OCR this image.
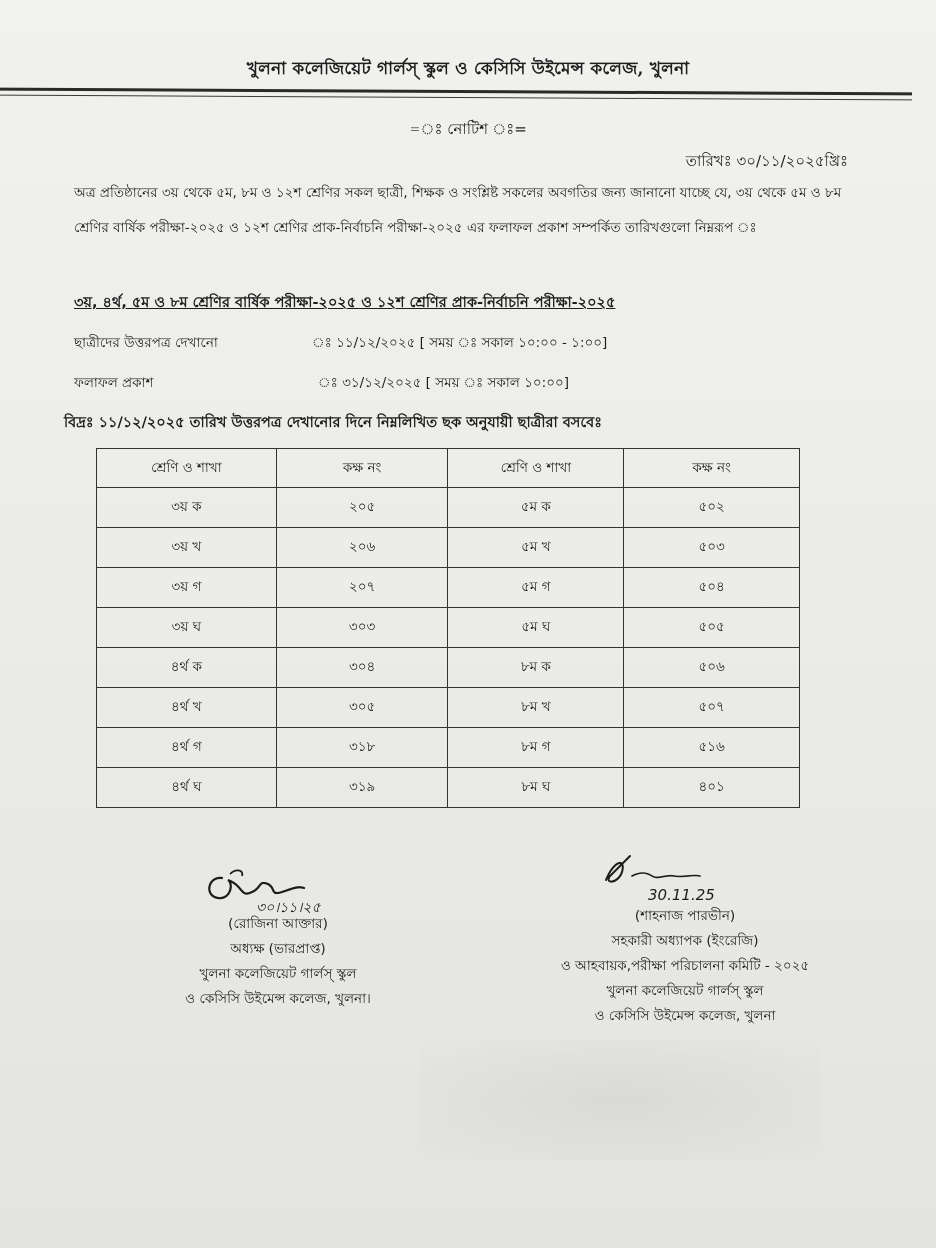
খুলনা কলেজিয়েট গার্লস্ স্কুল ও কেসিসি উইমেন্স কলেজ, খুলনা
=ঃ নোটিশ ঃ=
তারিখঃ ৩০/১১/২০২৫খ্রিঃ
অত্র প্রতিষ্ঠানের ৩য় থেকে ৫ম, ৮ম ও ১২শ শ্রেণির সকল ছাত্রী, শিক্ষক ও সংশ্লিষ্ট সকলের অবগতির জন্য জানানো যাচ্ছে যে, ৩য় থেকে ৫ম ও ৮ম শ্রেণির বার্ষিক পরীক্ষা-২০২৫ ও ১২শ শ্রেণির প্রাক-নির্বাচনি পরীক্ষা-২০২৫ এর ফলাফল প্রকাশ সম্পর্কিত তারিখগুলো নিম্নরূপ ঃ
৩য়, ৪র্থ, ৫ম ও ৮ম শ্রেণির বার্ষিক পরীক্ষা-২০২৫ ও ১২শ শ্রেণির প্রাক-নির্বাচনি পরীক্ষা-২০২৫
ছাত্রীদের উত্তরপত্র দেখানো	ঃ ১১/১২/২০২৫ [ সময় ঃ সকাল ১০:০০ - ১:০০]
ফলাফল প্রকাশ	ঃ ৩১/১২/২০২৫ [ সময় ঃ সকাল ১০:০০]
বিদ্রঃ ১১/১২/২০২৫ তারিখ উত্তরপত্র দেখানোর দিনে নিম্নলিখিত ছক অনুযায়ী ছাত্রীরা বসবেঃ
শ্রেণি ও শাখা	কক্ষ নং	শ্রেণি ও শাখা	কক্ষ নং
৩য় ক	২০৫	৫ম ক	৫০২
৩য় খ	২০৬	৫ম খ	৫০৩
৩য় গ	২০৭	৫ম গ	৫০৪
৩য় ঘ	৩০৩	৫ম ঘ	৫০৫
৪র্থ ক	৩০৪	৮ম ক	৫০৬
৪র্থ খ	৩০৫	৮ম খ	৫০৭
৪র্থ গ	৩১৮	৮ম গ	৫১৬
৪র্থ ঘ	৩১৯	৮ম ঘ	৪০১
৩০।১১।২৫
(রোজিনা আক্তার)
অধ্যক্ষ (ভারপ্রাপ্ত)
খুলনা কলেজিয়েট গার্লস্ স্কুল
ও কেসিসি উইমেন্স কলেজ, খুলনা।
30.11.25
(শাহনাজ পারভীন)
সহকারী অধ্যাপক (ইংরেজি)
ও আহবায়ক,পরীক্ষা পরিচালনা কমিটি - ২০২৫
খুলনা কলেজিয়েট গার্লস্ স্কুল
ও কেসিসি উইমেন্স কলেজ, খুলনা
